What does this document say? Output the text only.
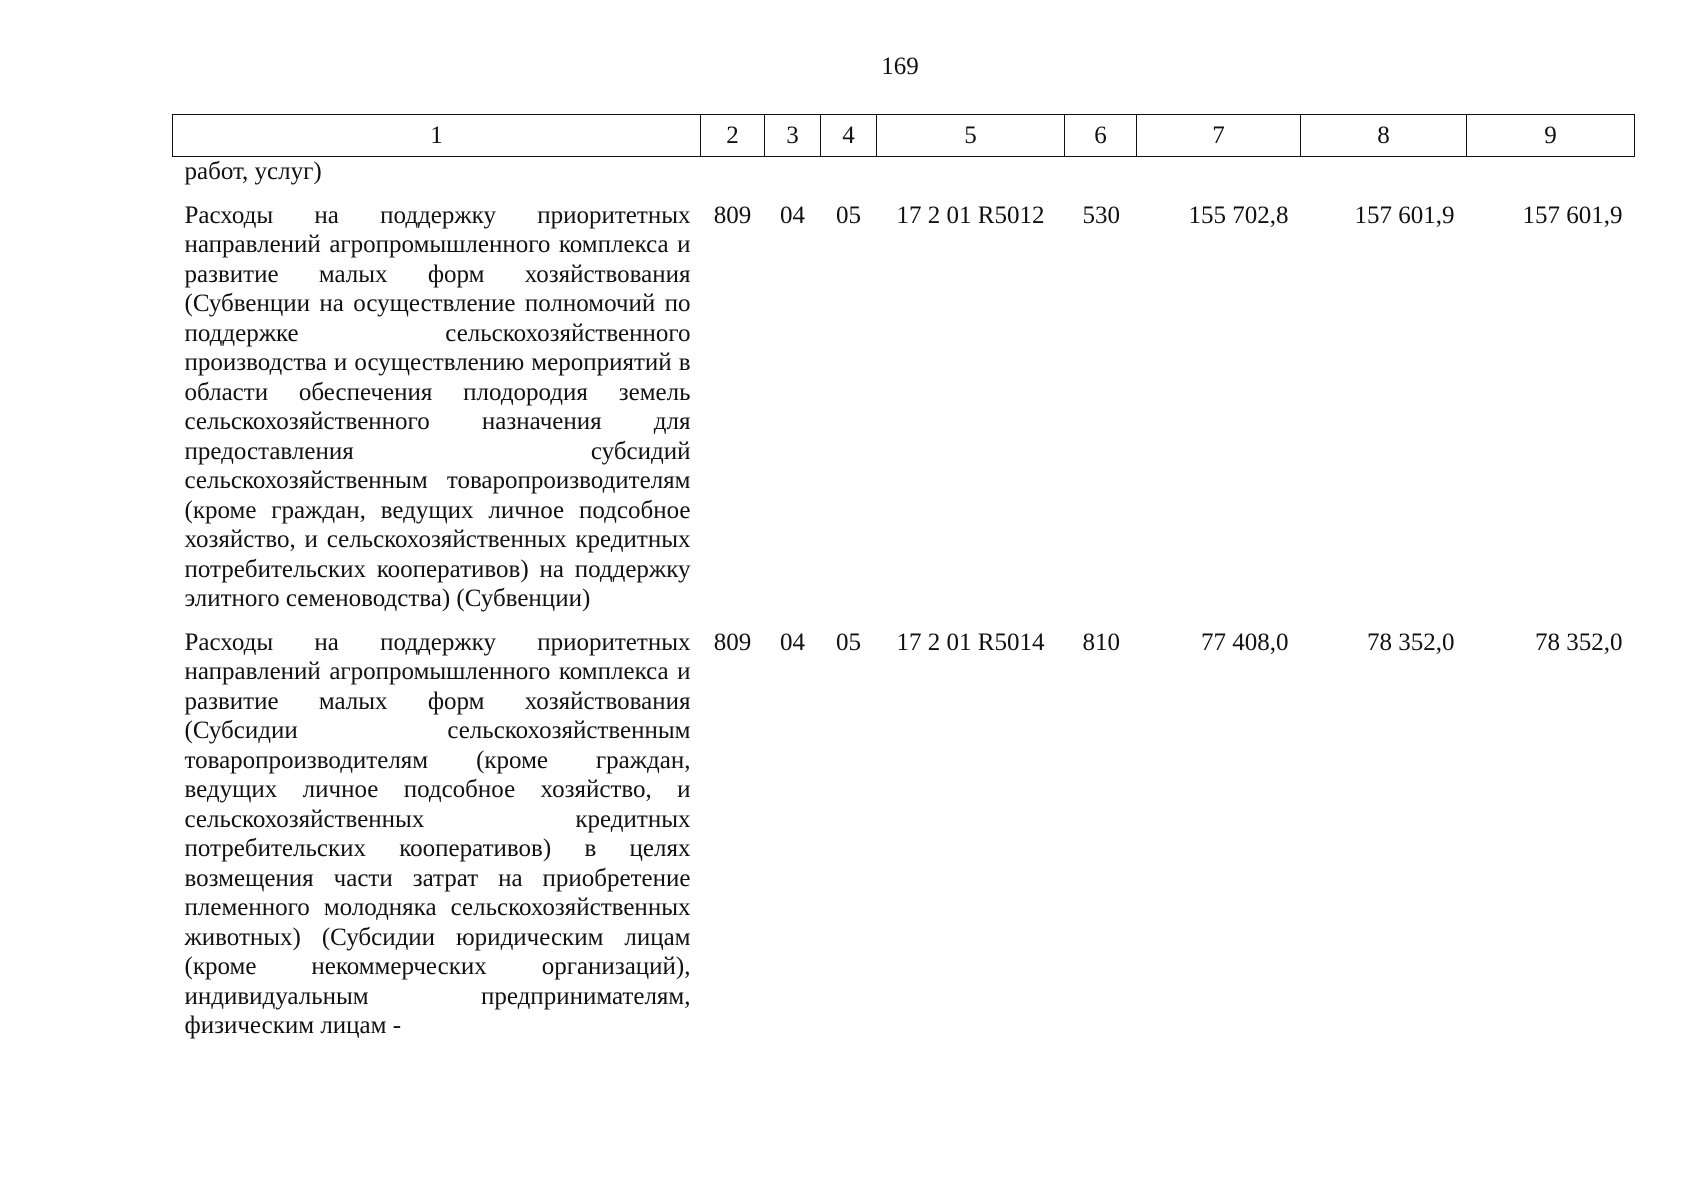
169
1	2	3	4	5	6	7	8	9
работ, услуг)								
Расходы на поддержку приоритетных направлений агропромышленного комплекса и развитие малых форм хозяйствования (Субвенции на осуществление полномочий по поддержке сельскохозяйственного производства и осуществлению мероприятий в области обеспечения плодородия земель сельскохозяйственного назначения для предоставления субсидий сельскохозяйственным товаропроизводителям (кроме граждан, ведущих личное подсобное хозяйство, и сельскохозяйственных кредитных потребительских кооперативов) на поддержку элитного семеноводства) (Субвенции)	809	04	05	17 2 01 R5012	530	155 702,8	157 601,9	157 601,9
Расходы на поддержку приоритетных направлений агропромышленного комплекса и развитие малых форм хозяйствования (Субсидии сельскохозяйственным товаропроизводителям (кроме граждан, ведущих личное подсобное хозяйство, и сельскохозяйственных кредитных потребительских кооперативов) в целях возмещения части затрат на приобретение племенного молодняка сельскохозяйственных животных) (Субсидии юридическим лицам (кроме некоммерческих организаций), индивидуальным предпринимателям, физическим лицам -	809	04	05	17 2 01 R5014	810	77 408,0	78 352,0	78 352,0
